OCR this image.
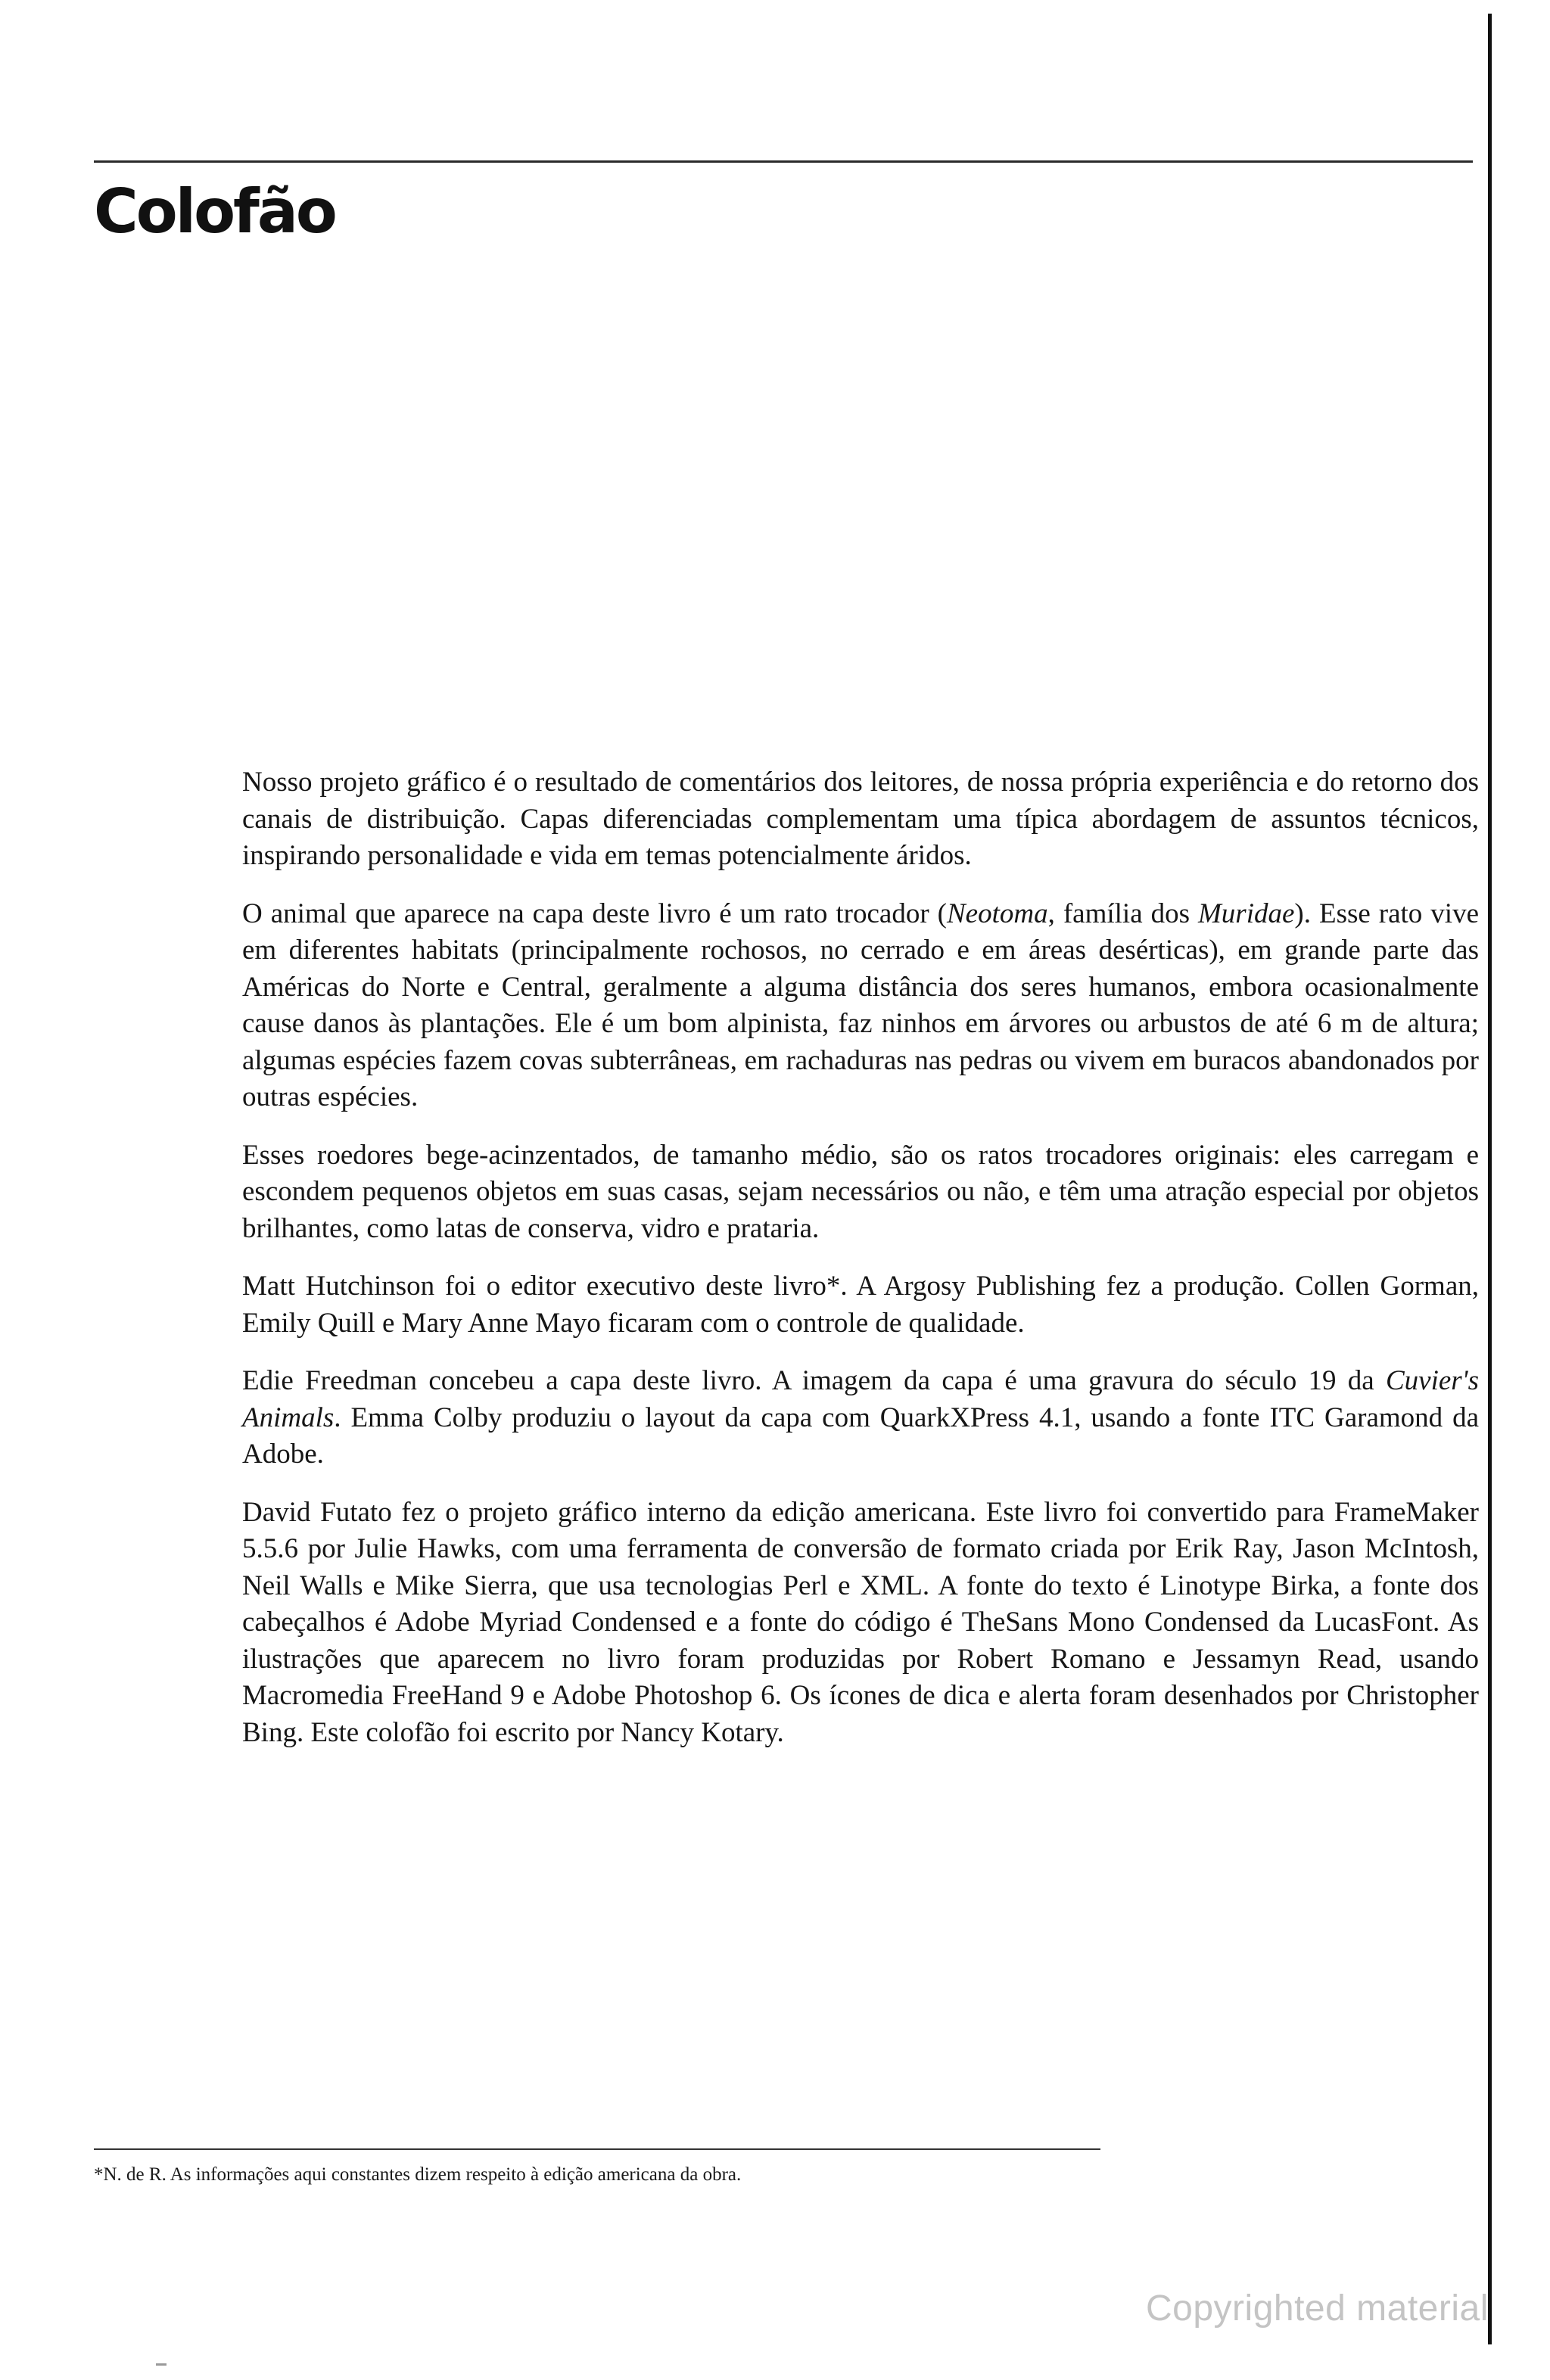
Colofão

Nosso projeto gráfico é o resultado de comentários dos leitores, de nossa própria experiência e do retorno dos canais de distribuição. Capas diferenciadas complementam uma típica abordagem de assuntos técnicos, inspirando personalidade e vida em temas potencialmente áridos.

O animal que aparece na capa deste livro é um rato trocador (Neotoma, família dos Muridae). Esse rato vive em diferentes habitats (principalmente rochosos, no cerrado e em áreas desérticas), em grande parte das Américas do Norte e Central, geralmente a alguma distância dos seres humanos, embora ocasionalmente cause danos às plantações. Ele é um bom alpinista, faz ninhos em árvores ou arbustos de até 6 m de altura; algumas espécies fazem covas subterrâneas, em rachaduras nas pedras ou vivem em buracos abandonados por outras espécies.

Esses roedores bege-acinzentados, de tamanho médio, são os ratos trocadores originais: eles carregam e escondem pequenos objetos em suas casas, sejam necessários ou não, e têm uma atração especial por objetos brilhantes, como latas de conserva, vidro e prataria.

Matt Hutchinson foi o editor executivo deste livro*. A Argosy Publishing fez a produção. Collen Gorman, Emily Quill e Mary Anne Mayo ficaram com o controle de qualidade.

Edie Freedman concebeu a capa deste livro. A imagem da capa é uma gravura do século 19 da Cuvier's Animals. Emma Colby produziu o layout da capa com QuarkXPress 4.1, usando a fonte ITC Garamond da Adobe.

David Futato fez o projeto gráfico interno da edição americana. Este livro foi convertido para FrameMaker 5.5.6 por Julie Hawks, com uma ferramenta de conversão de formato criada por Erik Ray, Jason McIntosh, Neil Walls e Mike Sierra, que usa tecnologias Perl e XML. A fonte do texto é Linotype Birka, a fonte dos cabeçalhos é Adobe Myriad Condensed e a fonte do código é TheSans Mono Condensed da LucasFont. As ilustrações que aparecem no livro foram produzidas por Robert Romano e Jessamyn Read, usando Macromedia FreeHand 9 e Adobe Photoshop 6. Os ícones de dica e alerta foram desenhados por Christopher Bing. Este colofão foi escrito por Nancy Kotary.

*N. de R. As informações aqui constantes dizem respeito à edição americana da obra.
Copyrighted material
